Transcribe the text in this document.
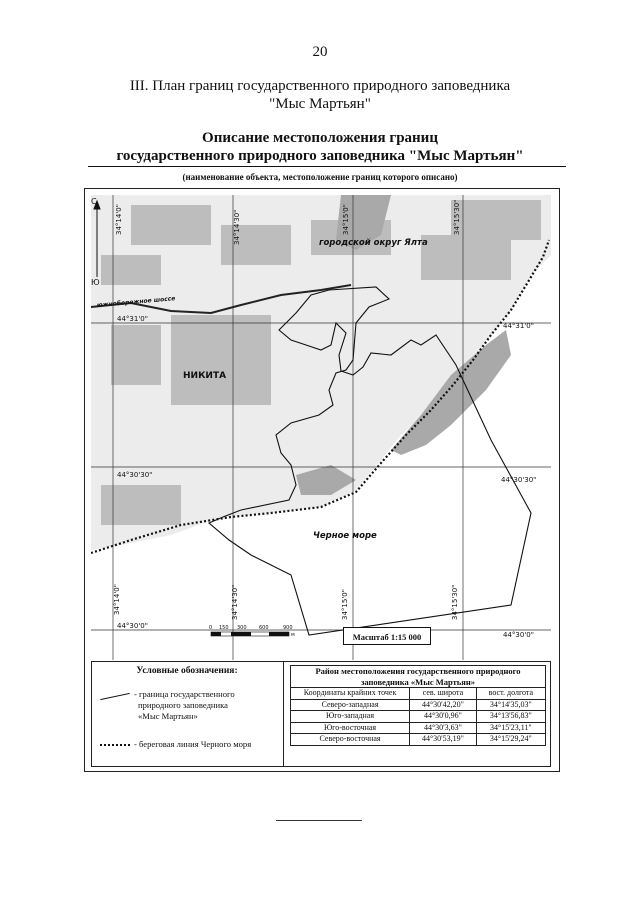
20
III. План границ государственного природного заповедника
"Мыс Мартьян"
Описание местоположения границ
государственного природного заповедника "Мыс Мартьян"
(наименование объекта, местоположение границ которого описано)
С
Ю
городской округ Ялта
НИКИТА
Черное море
южнобережное шоссе
34°14'0"	34°14'30"	34°15'0"	34°15'30"
34°14'0"	34°14'30"	34°15'0"	34°15'30"
44°31'0"
44°31'0"
44°30'30"
44°30'30"
44°30'0"
44°30'0"
0 150 300 600	900
м	Масштаб 1:15 000
Условные обозначения:
- граница государственного
природного заповедника
«Мыс Мартьян»
- береговая линия Черного моря
Район местоположения государственного природного заповедника «Мыс Мартьян»		
Координаты крайних точек	сев. широта	вост. долгота
Северо-западная	44°30'42,20"	34°14'35,03"
Юго-западная	44°30'0,96"	34°13'56,83"
Юго-восточная	44°30'3,63"	34°15'23,11"
Северо-восточная	44°30'53,19"	34°15'29,24"
